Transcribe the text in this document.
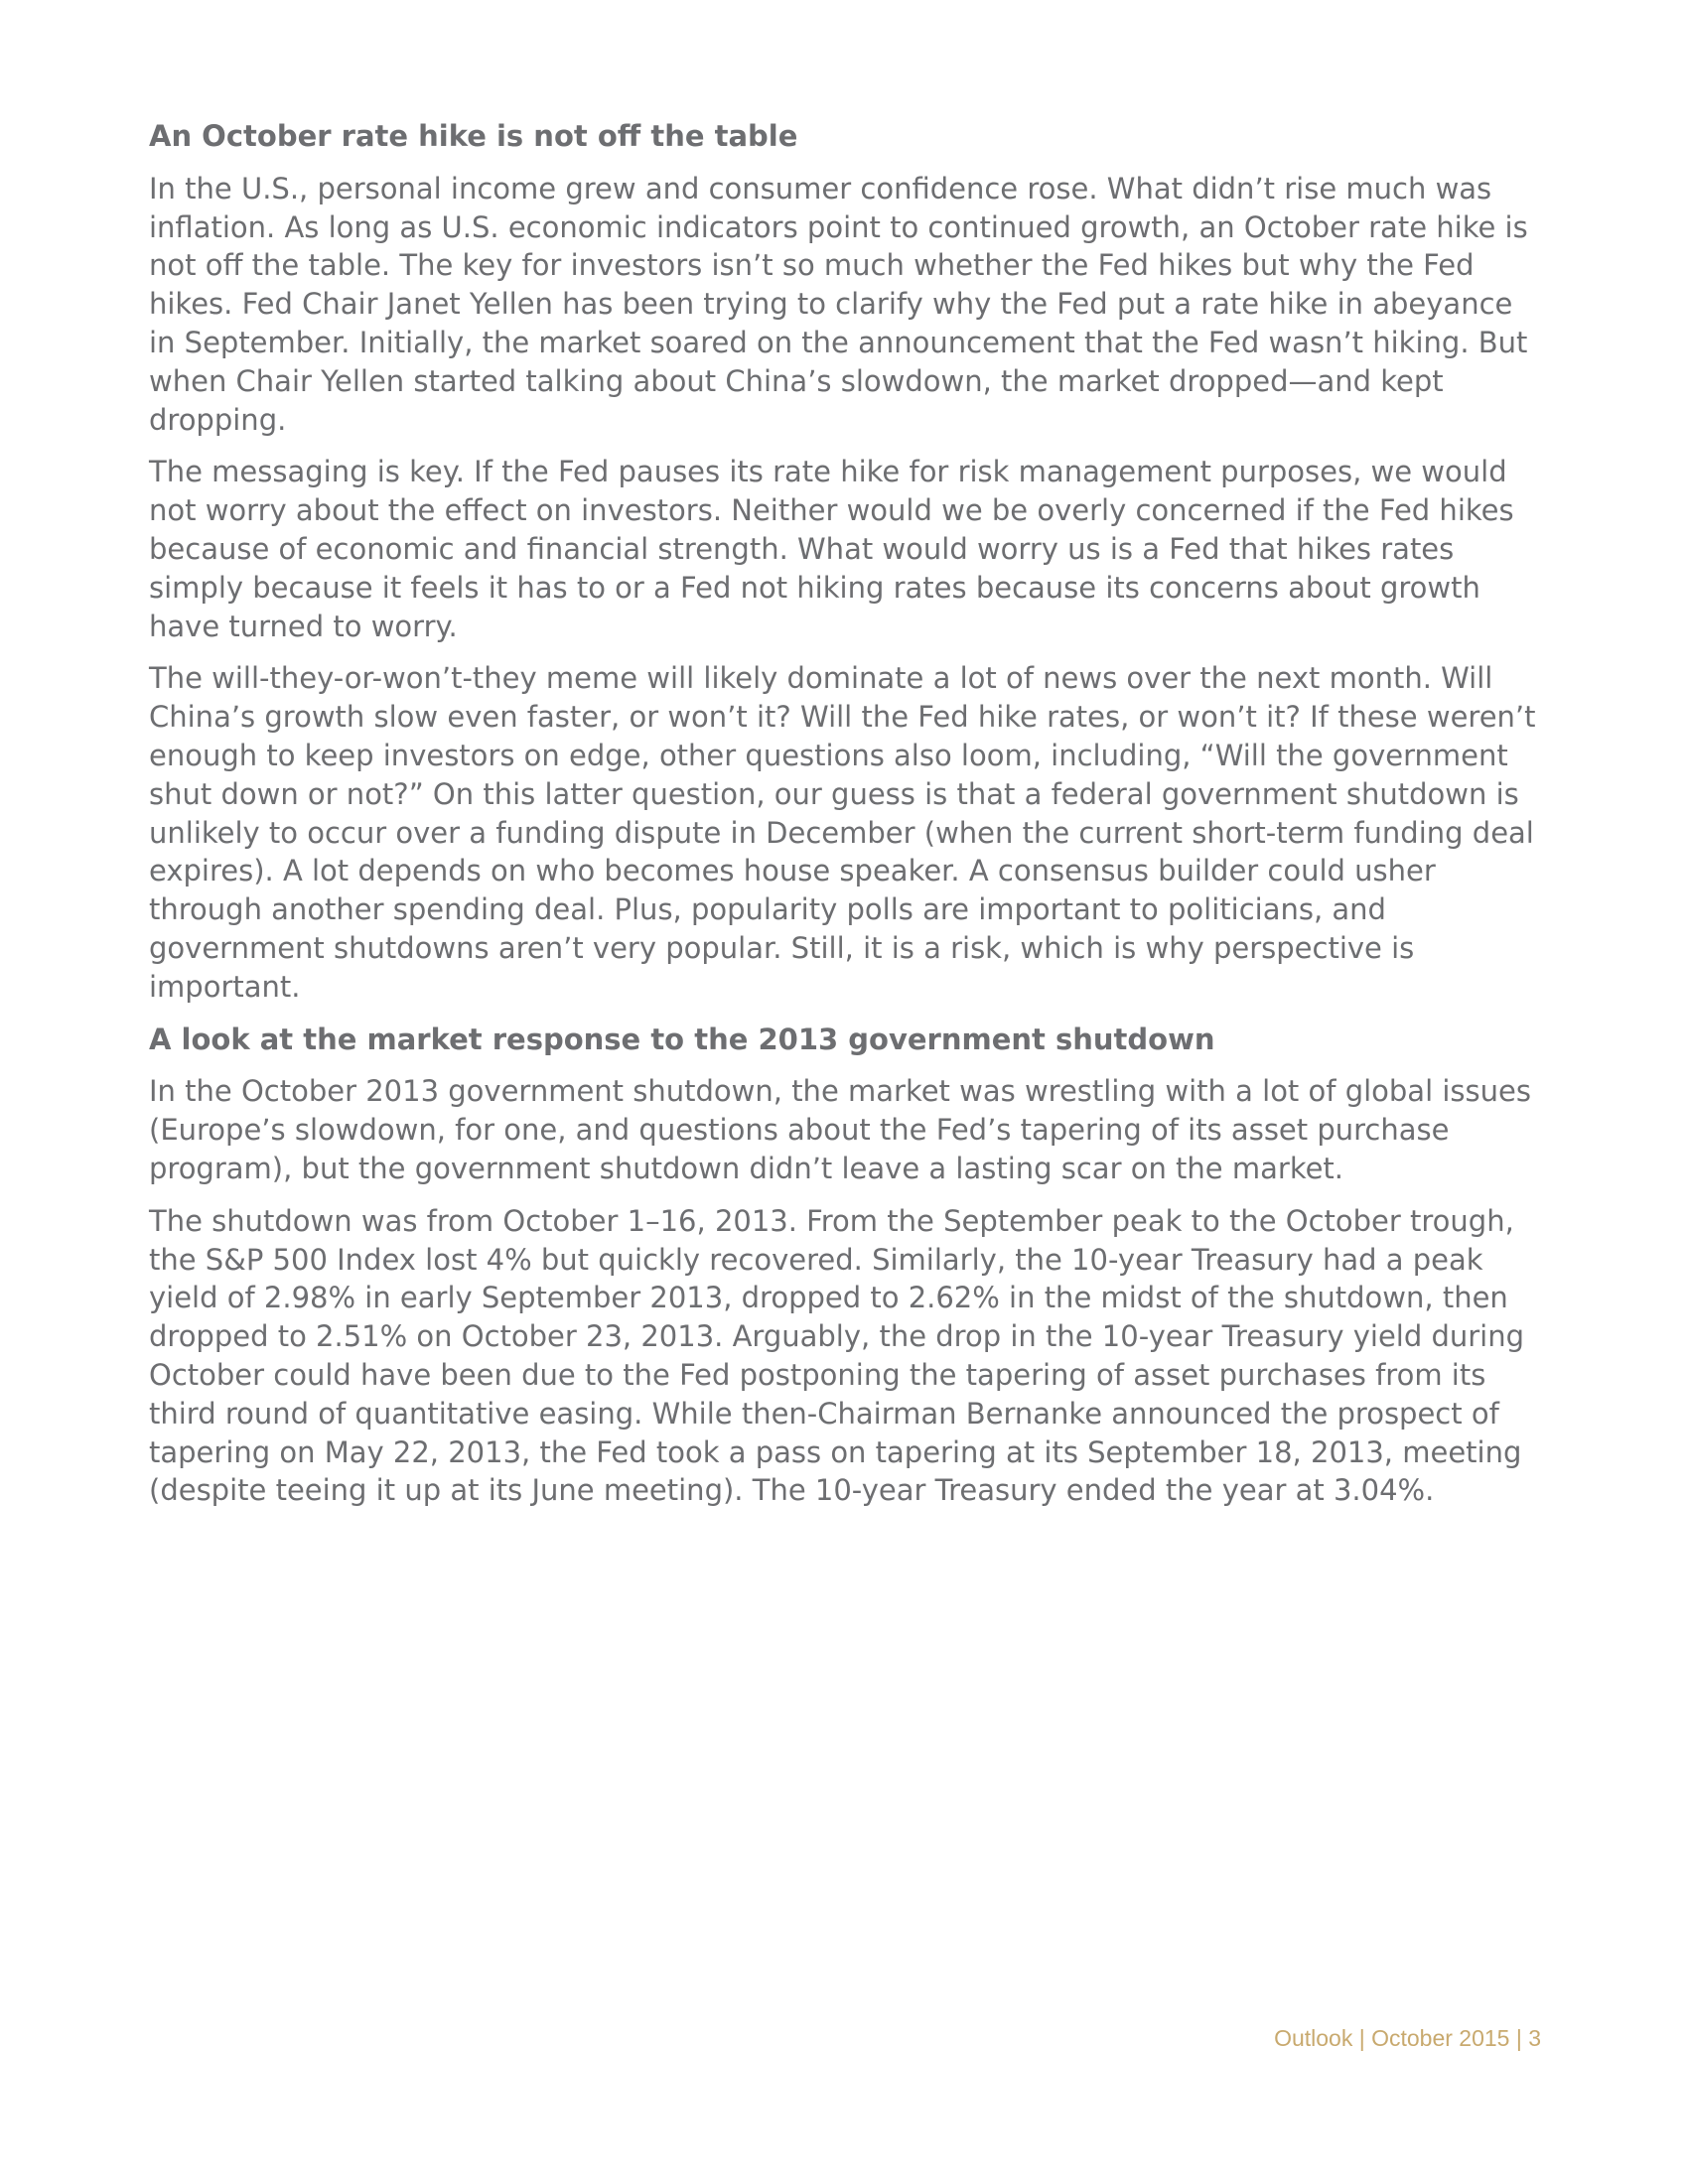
An October rate hike is not off the table

In the U.S., personal income grew and consumer confidence rose. What didn’t rise much was inflation. As long as U.S. economic indicators point to continued growth, an October rate hike is not off the table. The key for investors isn’t so much whether the Fed hikes but why the Fed hikes. Fed Chair Janet Yellen has been trying to clarify why the Fed put a rate hike in abeyance in September. Initially, the market soared on the announcement that the Fed wasn’t hiking. But when Chair Yellen started talking about China’s slowdown, the market dropped—and kept dropping.

The messaging is key. If the Fed pauses its rate hike for risk management purposes, we would not worry about the effect on investors. Neither would we be overly concerned if the Fed hikes because of economic and financial strength. What would worry us is a Fed that hikes rates simply because it feels it has to or a Fed not hiking rates because its concerns about growth have turned to worry.

The will-they-or-won’t-they meme will likely dominate a lot of news over the next month. Will China’s growth slow even faster, or won’t it? Will the Fed hike rates, or won’t it? If these weren’t enough to keep investors on edge, other questions also loom, including, “Will the government shut down or not?” On this latter question, our guess is that a federal government shutdown is unlikely to occur over a funding dispute in December (when the current short-term funding deal expires). A lot depends on who becomes house speaker. A consensus builder could usher through another spending deal. Plus, popularity polls are important to politicians, and government shutdowns aren’t very popular. Still, it is a risk, which is why perspective is important.

A look at the market response to the 2013 government shutdown

In the October 2013 government shutdown, the market was wrestling with a lot of global issues (Europe’s slowdown, for one, and questions about the Fed’s tapering of its asset purchase program), but the government shutdown didn’t leave a lasting scar on the market.

The shutdown was from October 1–16, 2013. From the September peak to the October trough, the S&P 500 Index lost 4% but quickly recovered. Similarly, the 10-year Treasury had a peak yield of 2.98% in early September 2013, dropped to 2.62% in the midst of the shutdown, then dropped to 2.51% on October 23, 2013. Arguably, the drop in the 10-year Treasury yield during October could have been due to the Fed postponing the tapering of asset purchases from its third round of quantitative easing. While then-Chairman Bernanke announced the prospect of tapering on May 22, 2013, the Fed took a pass on tapering at its September 18, 2013, meeting (despite teeing it up at its June meeting). The 10-year Treasury ended the year at 3.04%.

Outlook | October 2015 | 3
